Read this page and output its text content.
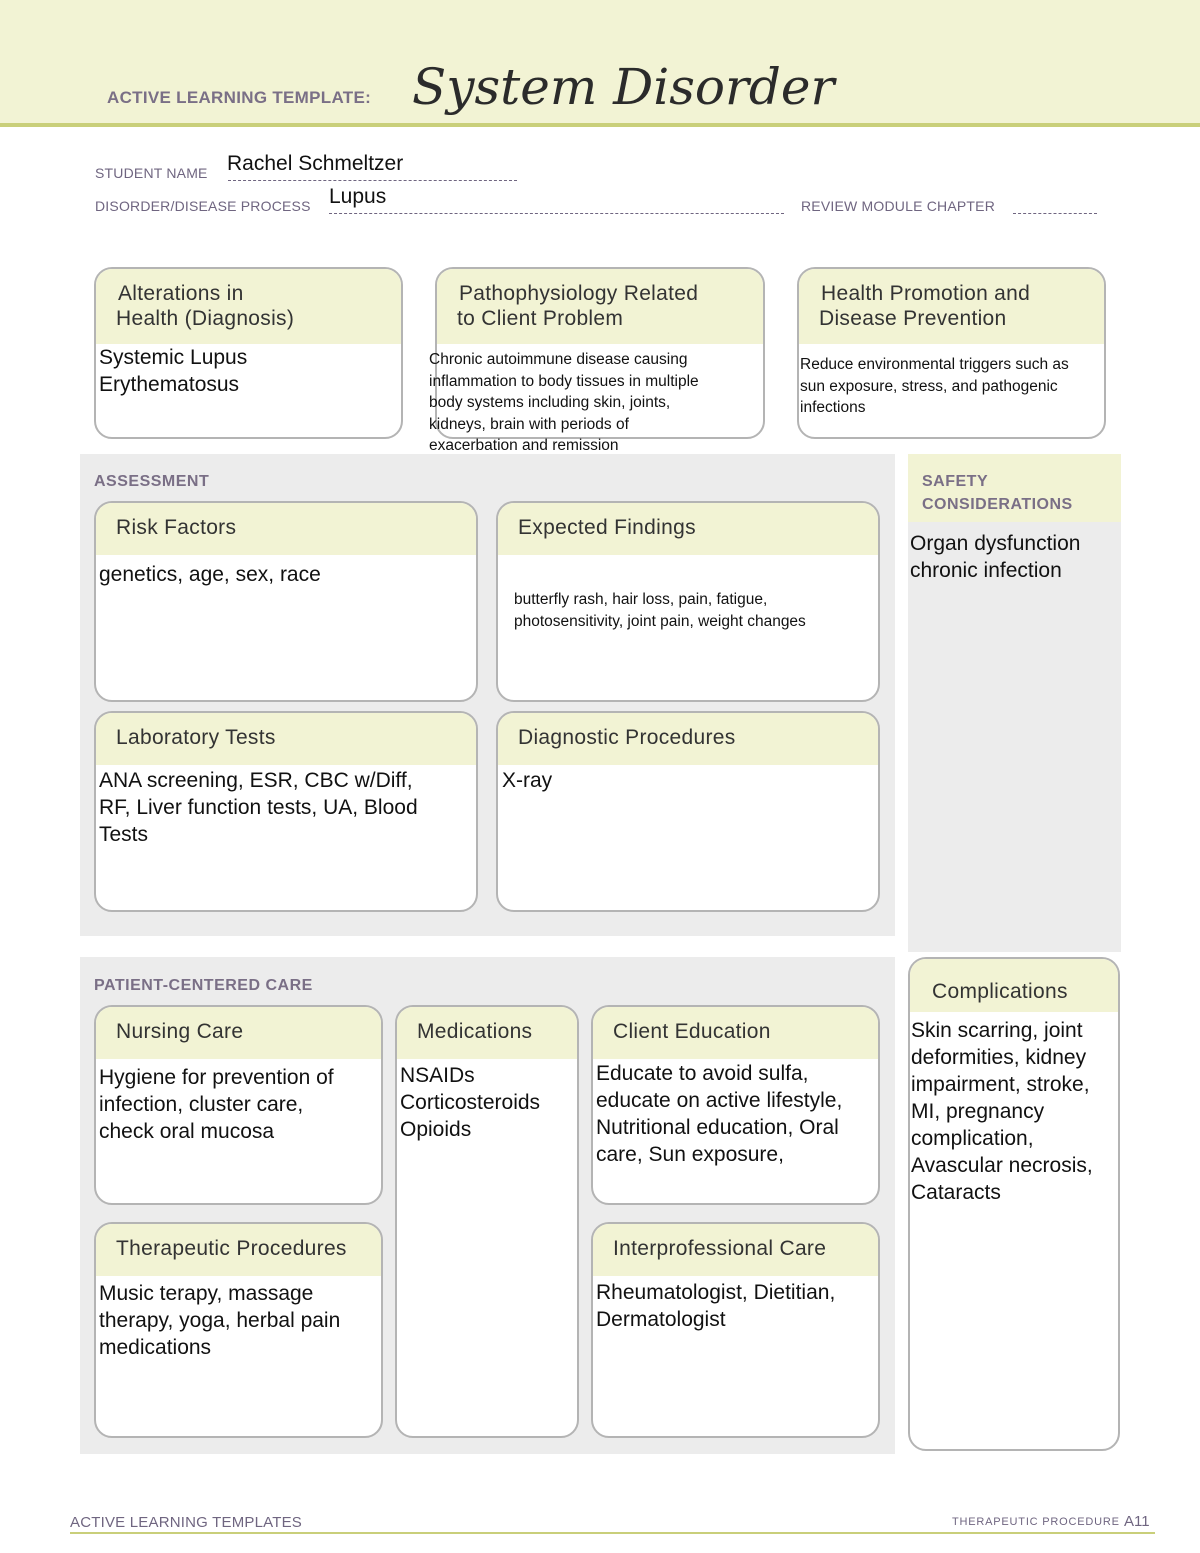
ACTIVE LEARNING TEMPLATE: System Disorder
STUDENT NAME Rachel Schmeltzer
DISORDER/DISEASE PROCESS Lupus	REVIEW MODULE CHAPTER
Alterations in
Health (Diagnosis)
Systemic Lupus
Erythematosus
Pathophysiology Related
to Client Problem
Chronic autoimmune disease causing
inflammation to body tissues in multiple
body systems including skin, joints,
kidneys, brain with periods of
exacerbation and remission
Health Promotion and
Disease Prevention
Reduce environmental triggers such as
sun exposure, stress, and pathogenic
infections
ASSESSMENT
Risk Factors
genetics, age, sex, race
Expected Findings
butterfly rash, hair loss, pain, fatigue,
photosensitivity, joint pain, weight changes
Laboratory Tests
ANA screening, ESR, CBC w/Diff,
RF, Liver function tests, UA, Blood
Tests
Diagnostic Procedures
X-ray
SAFETY
CONSIDERATIONS
Organ dysfunction
chronic infection
PATIENT-CENTERED CARE
Nursing Care
Hygiene for prevention of
infection, cluster care,
check oral mucosa
Medications
NSAIDs
Corticosteroids
Opioids
Client Education
Educate to avoid sulfa,
educate on active lifestyle,
Nutritional education, Oral
care, Sun exposure,
Therapeutic Procedures
Music terapy, massage
therapy, yoga, herbal pain
medications
Interprofessional Care
Rheumatologist, Dietitian,
Dermatologist
Complications
Skin scarring, joint
deformities, kidney
impairment, stroke,
MI, pregnancy
complication,
Avascular necrosis,
Cataracts
ACTIVE LEARNING TEMPLATES	THERAPEUTIC PROCEDURE A11
